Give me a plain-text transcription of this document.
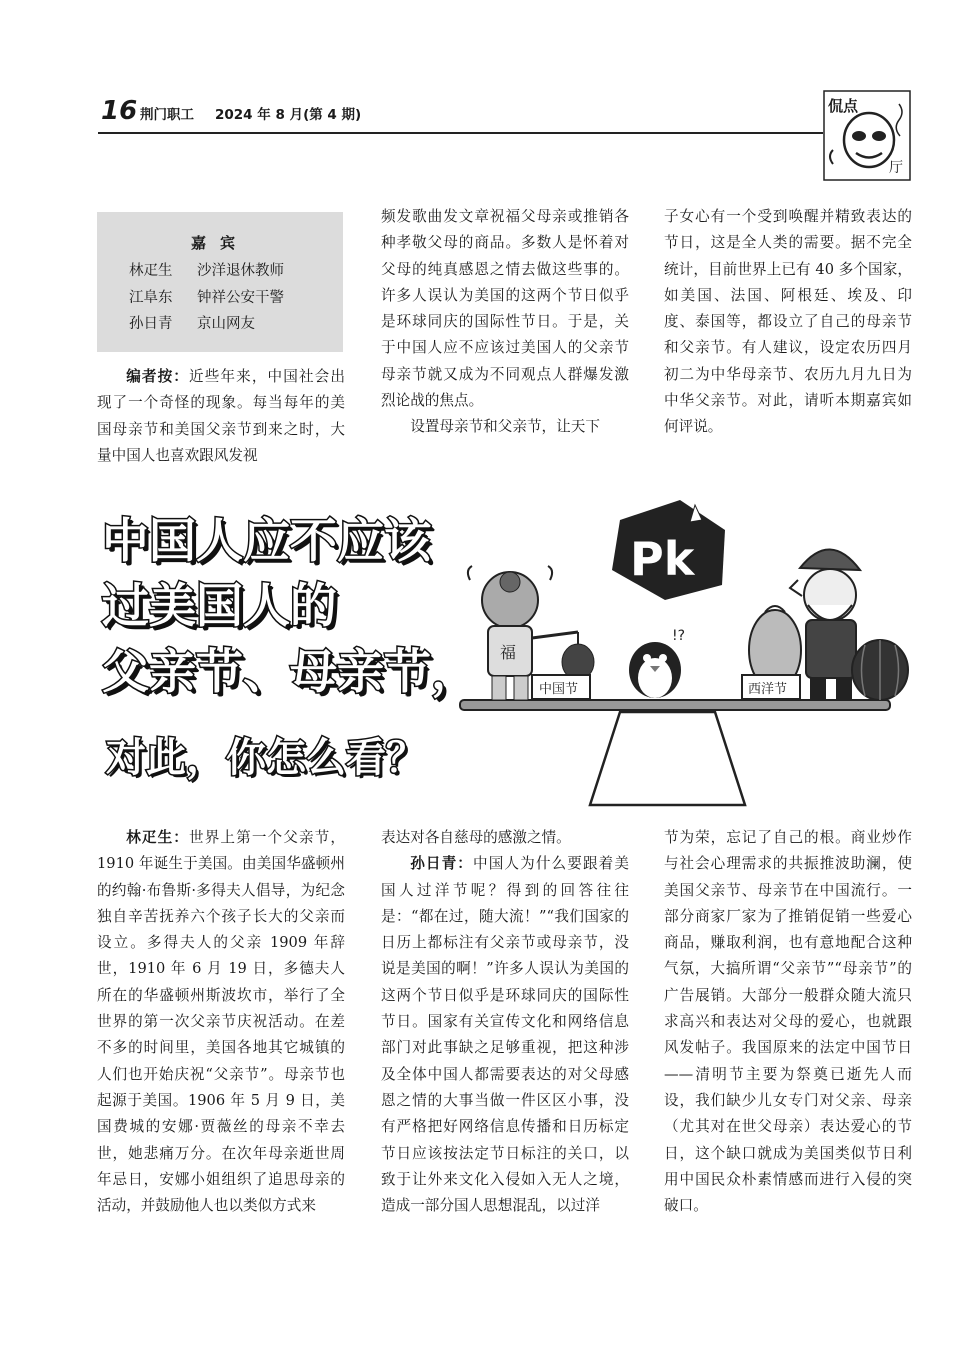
16 荆门职工 2024 年 8 月(第 4 期)
厅
侃点
嘉宾
林疋生 沙洋退休教师
江阜东 钟祥公安干警
孙日青 京山网友

编者按：近些年来，中国社会出现了一个奇怪的现象。每当每年的美国母亲节和美国父亲节到来之时，大量中国人也喜欢跟风发视

频发歌曲发文章祝福父母亲或推销各种孝敬父母的商品。多数人是怀着对父母的纯真感恩之情去做这些事的。许多人误认为美国的这两个节日似乎是环球同庆的国际性节日。于是，关于中国人应不应该过美国人的父亲节母亲节就又成为不同观点人群爆发激烈论战的焦点。

设置母亲节和父亲节，让天下

子女心有一个受到唤醒并精致表达的节日，这是全人类的需要。据不完全统计，目前世界上已有 40 多个国家，如美国、法国、阿根廷、埃及、印度、泰国等，都设立了自己的母亲节和父亲节。有人建议，设定农历四月初二为中华母亲节、农历九月九日为中华父亲节。对此，请听本期嘉宾如何评说。

Pk
福
中国节
!?
西洋节
中国人应不应该
过美国人的
父亲节、母亲节，
对此，你怎么看？

林疋生：世界上第一个父亲节，1910 年诞生于美国。由美国华盛顿州的约翰·布鲁斯·多得夫人倡导，为纪念独自辛苦抚养六个孩子长大的父亲而设立。多得夫人的父亲 1909 年辞世，1910 年 6 月 19 日，多德夫人所在的华盛顿州斯波坎市，举行了全世界的第一次父亲节庆祝活动。在差不多的时间里，美国各地其它城镇的人们也开始庆祝“父亲节”。母亲节也起源于美国。1906 年 5 月 9 日，美国费城的安娜·贾薇丝的母亲不幸去世，她悲痛万分。在次年母亲逝世周年忌日，安娜小姐组织了追思母亲的活动，并鼓励他人也以类似方式来

表达对各自慈母的感激之情。

孙日青：中国人为什么要跟着美国人过洋节呢？得到的回答往往是：“都在过，随大流！”“我们国家的日历上都标注有父亲节或母亲节，没说是美国的啊！”许多人误认为美国的这两个节日似乎是环球同庆的国际性节日。国家有关宣传文化和网络信息部门对此事缺之足够重视，把这种涉及全体中国人都需要表达的对父母感恩之情的大事当做一件区区小事，没有严格把好网络信息传播和日历标定节日应该按法定节日标注的关口，以致于让外来文化入侵如入无人之境，造成一部分国人思想混乱，以过洋

节为荣，忘记了自己的根。商业炒作与社会心理需求的共振推波助澜，使美国父亲节、母亲节在中国流行。一部分商家厂家为了推销促销一些爱心商品，赚取利润，也有意地配合这种气氛，大搞所谓“父亲节”“母亲节”的广告展销。大部分一般群众随大流只求高兴和表达对父母的爱心，也就跟风发帖子。我国原来的法定中国节日——清明节主要为祭奠已逝先人而设，我们缺少儿女专门对父亲、母亲（尤其对在世父母亲）表达爱心的节日，这个缺口就成为美国类似节日利用中国民众朴素情感而进行入侵的突破口。
